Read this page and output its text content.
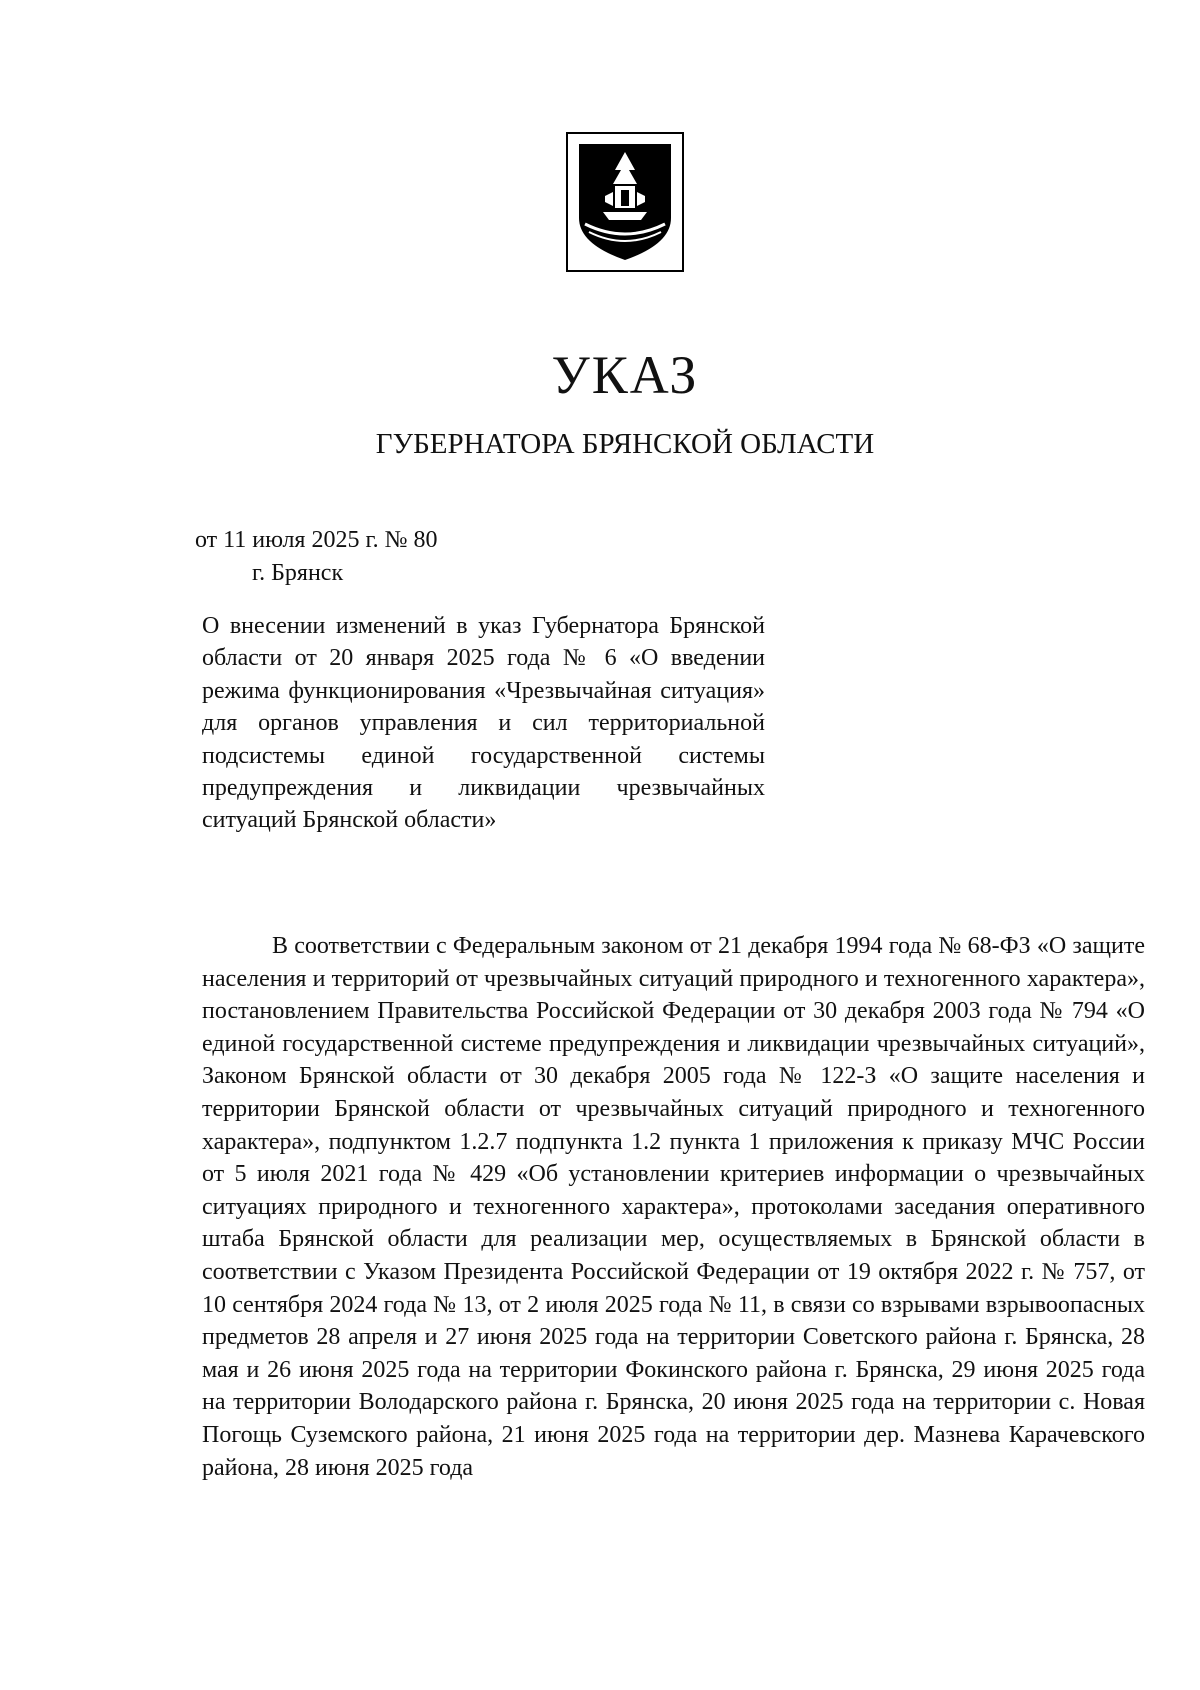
УКАЗ
ГУБЕРНАТОРА БРЯНСКОЙ ОБЛАСТИ
от 11 июля 2025 г. № 80
г. Брянск
О внесении изменений в указ Губернатора Брянской области от 20 января 2025 года № 6 «О введении режима функционирования «Чрезвычайная ситуация» для органов управления и сил территориальной подсистемы единой государственной системы предупреждения и ликвидации чрезвычайных ситуаций Брянской области»

В соответствии с Федеральным законом от 21 декабря 1994 года № 68-ФЗ «О защите населения и территорий от чрезвычайных ситуаций природного и техногенного характера», постановлением Правительства Российской Федерации от 30 декабря 2003 года № 794 «О единой государственной системе предупреждения и ликвидации чрезвычайных ситуаций», Законом Брянской области от 30 декабря 2005 года № 122-З «О защите населения и территории Брянской области от чрезвычайных ситуаций природного и техногенного характера», подпунктом 1.2.7 подпункта 1.2 пункта 1 приложения к приказу МЧС России от 5 июля 2021 года № 429 «Об установлении критериев информации о чрезвычайных ситуациях природного и техногенного характера», протоколами заседания оперативного штаба Брянской области для реализации мер, осуществляемых в Брянской области в соответствии с Указом Президента Российской Федерации от 19 октября 2022 г. № 757, от 10 сентября 2024 года № 13, от 2 июля 2025 года № 11, в связи со взрывами взрывоопасных предметов 28 апреля и 27 июня 2025 года на территории Советского района г. Брянска, 28 мая и 26 июня 2025 года на территории Фокинского района г. Брянска, 29 июня 2025 года на территории Володарского района г. Брянска, 20 июня 2025 года на территории с. Новая Погощь Суземского района, 21 июня 2025 года на территории дер. Мазнева Карачевского района, 28 июня 2025 года
